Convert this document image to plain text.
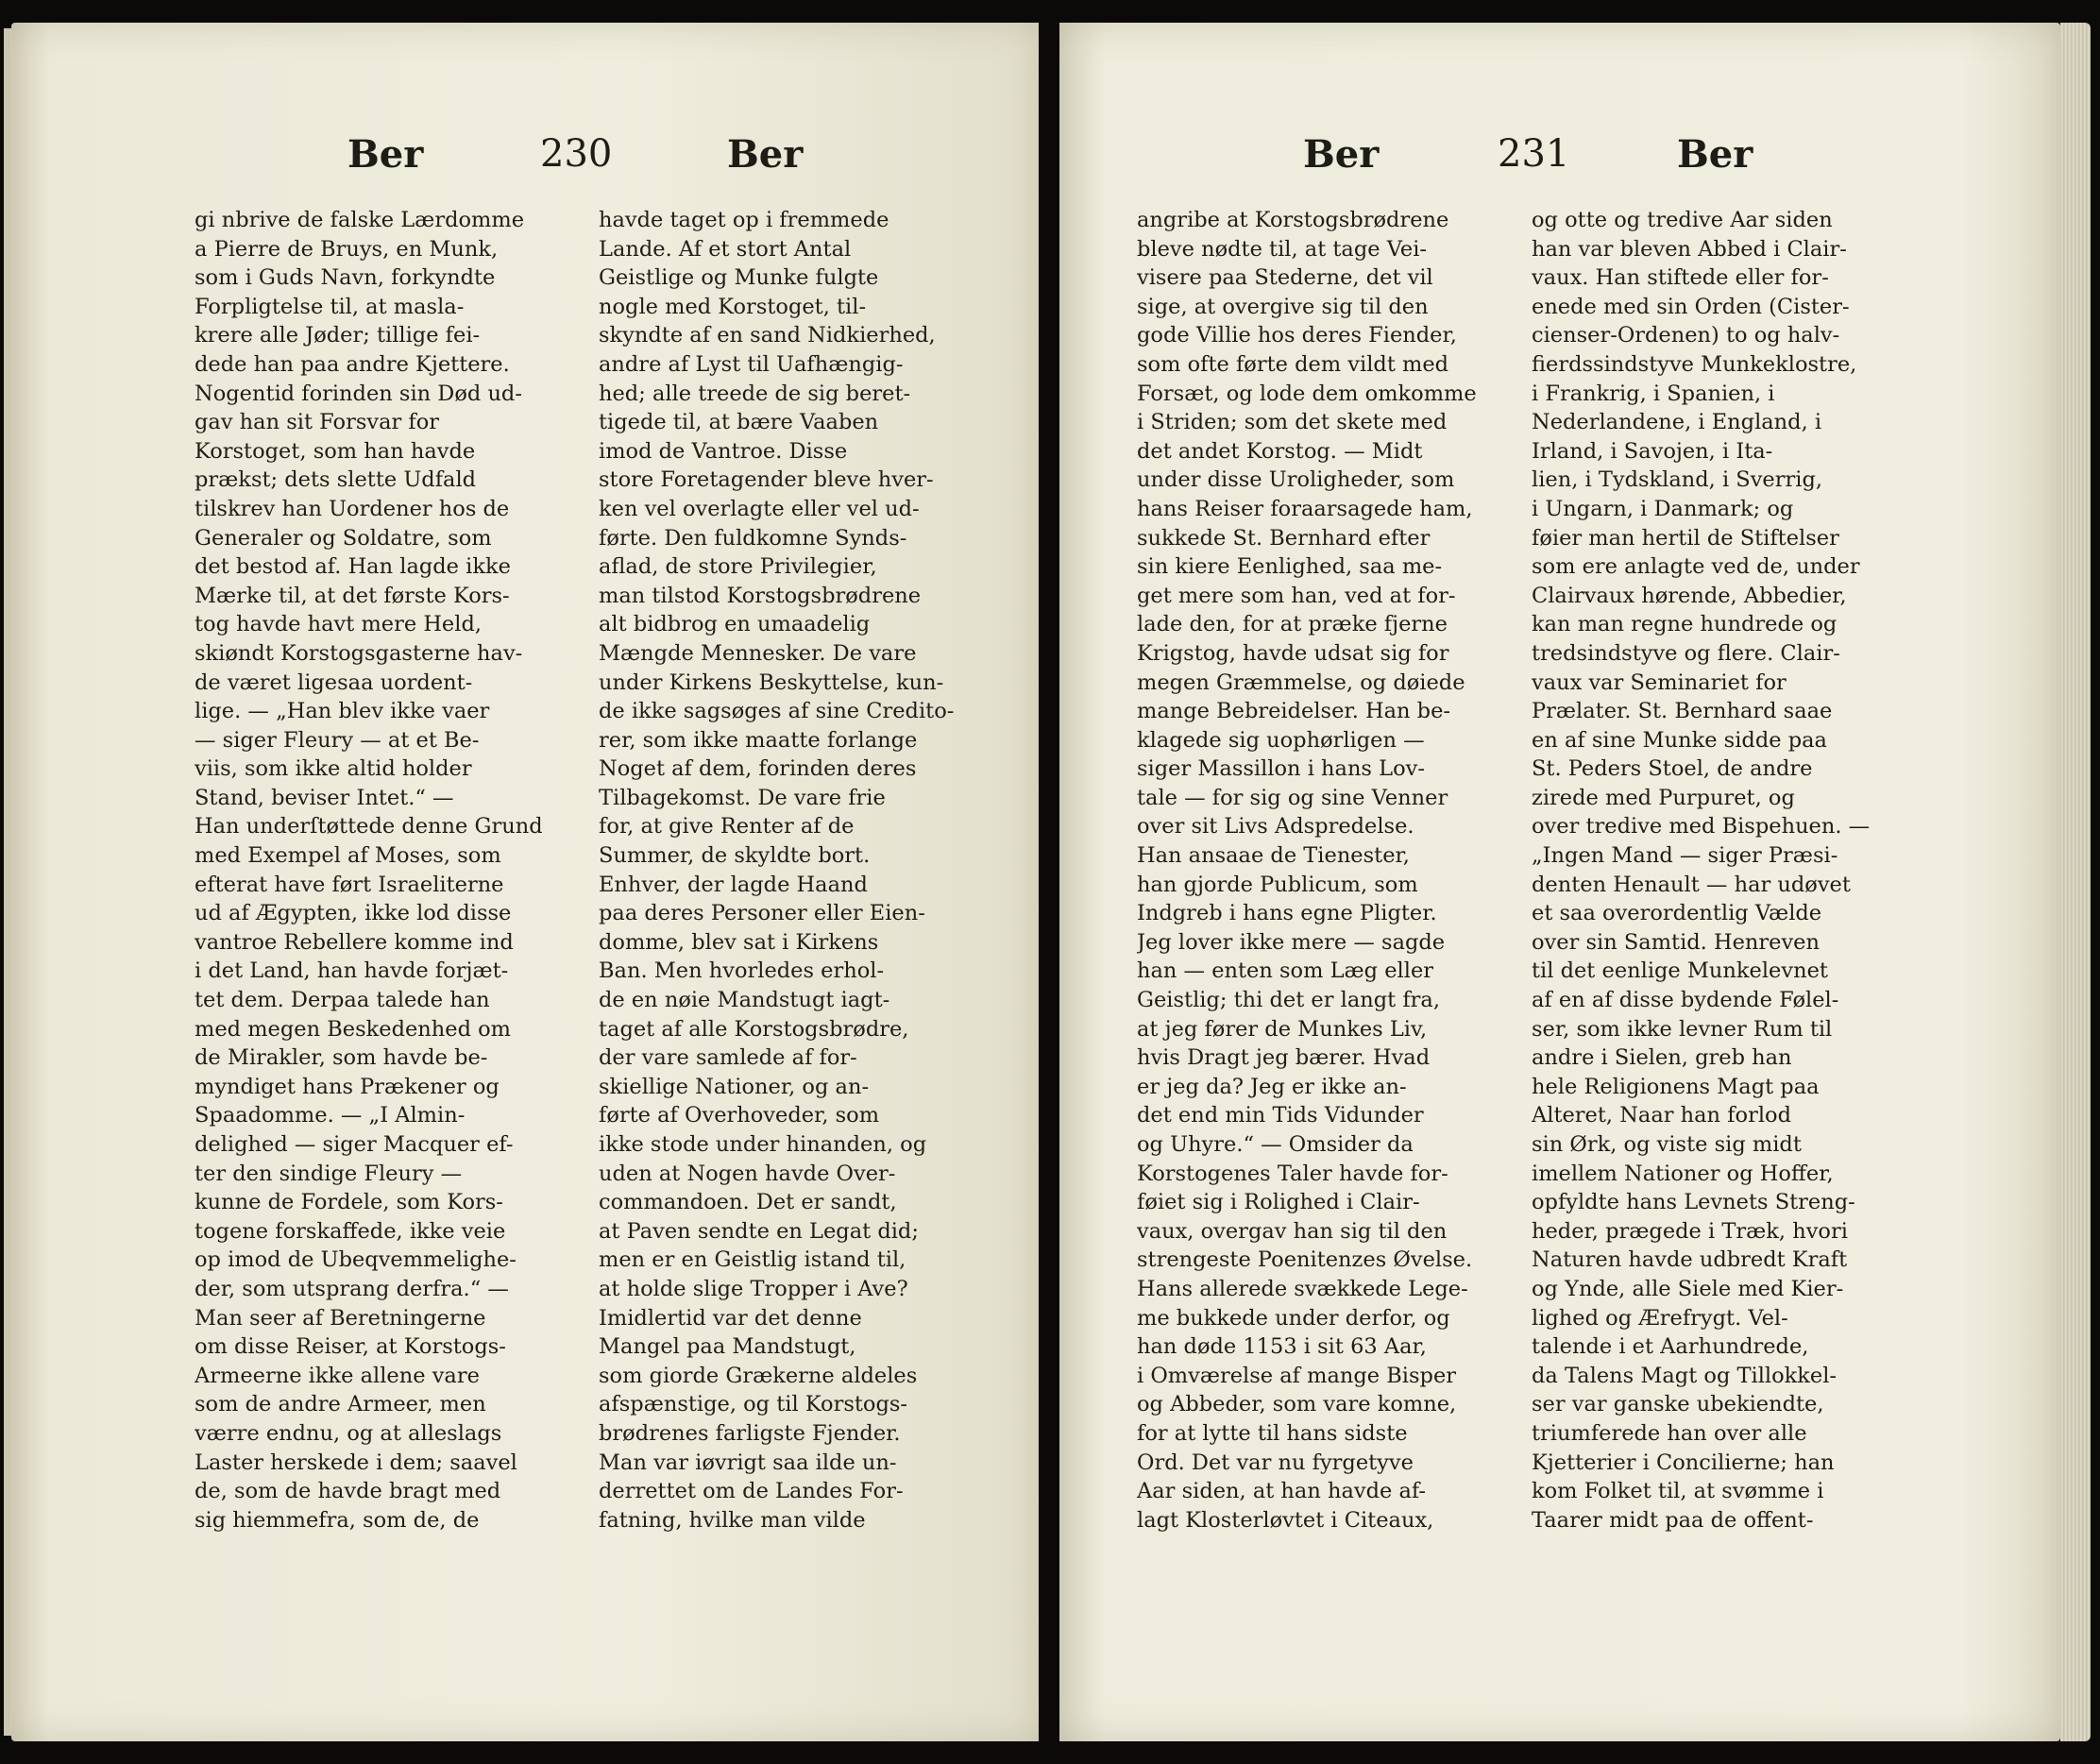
Ber	230	Ber	Ber	231	Ber
gi nbrive de falske Lærdomme
a Pierre de Bruys, en Munk,
som i Guds Navn, forkyndte
Forpligtelse til, at masla-
krere alle Jøder; tillige fei-
dede han paa andre Kjettere.
Nogentid forinden sin Død ud-
gav han sit Forsvar for
Korstoget, som han havde
prækst; dets slette Udfald
tilskrev han Uordener hos de
Generaler og Soldatre, som
det bestod af. Han lagde ikke
Mærke til, at det første Kors-
tog havde havt mere Held,
skiøndt Korstogsgasterne hav-
de været ligesaa uordent-
lige. — „Han blev ikke vaer
— siger Fleury — at et Be-
viis, som ikke altid holder
Stand, beviser Intet.“ —
Han underſtøttede denne Grund
med Exempel af Moses, som
efterat have ført Israeliterne
ud af Ægypten, ikke lod disse
vantroe Rebellere komme ind
i det Land, han havde forjæt-
tet dem. Derpaa talede han
med megen Beskedenhed om
de Mirakler, som havde be-
myndiget hans Prækener og
Spaadomme. — „I Almin-
delighed — siger Macquer ef-
ter den sindige Fleury —
kunne de Fordele, som Kors-
togene forskaffede, ikke veie
op imod de Ubeqvemmelighe-
der, som utsprang derfra.“ —
Man seer af Beretningerne
om disse Reiser, at Korstogs-
Armeerne ikke allene vare
som de andre Armeer, men
værre endnu, og at alleslags
Laster herskede i dem; saavel
de, som de havde bragt med
sig hiemmefra, som de, de
havde taget op i fremmede
Lande. Af et stort Antal
Geistlige og Munke fulgte
nogle med Korstoget, til-
skyndte af en sand Nidkierhed,
andre af Lyst til Uafhængig-
hed; alle treede de sig beret-
tigede til, at bære Vaaben
imod de Vantroe. Disse
store Foretagender bleve hver-
ken vel overlagte eller vel ud-
førte. Den fuldkomne Synds-
aflad, de store Privilegier,
man tilstod Korstogsbrødrene
alt bidbrog en umaadelig
Mængde Mennesker. De vare
under Kirkens Beskyttelse, kun-
de ikke sagsøges af sine Credito-
rer, som ikke maatte forlange
Noget af dem, forinden deres
Tilbagekomst. De vare frie
for, at give Renter af de
Summer, de skyldte bort.
Enhver, der lagde Haand
paa deres Personer eller Eien-
domme, blev sat i Kirkens
Ban. Men hvorledes erhol-
de en nøie Mandstugt iagt-
taget af alle Korstogsbrødre,
der vare samlede af for-
skiellige Nationer, og an-
førte af Overhoveder, som
ikke stode under hinanden, og
uden at Nogen havde Over-
commandoen. Det er sandt,
at Paven sendte en Legat did;
men er en Geistlig istand til,
at holde slige Tropper i Ave?
Imidlertid var det denne
Mangel paa Mandstugt,
som giorde Grækerne aldeles
afspænstige, og til Korstogs-
brødrenes farligste Fjender.
Man var iøvrigt saa ilde un-
derrettet om de Landes For-
fatning, hvilke man vilde
angribe at Korstogsbrødrene
bleve nødte til, at tage Vei-
visere paa Stederne, det vil
sige, at overgive sig til den
gode Villie hos deres Fiender,
som ofte førte dem vildt med
Forsæt, og lode dem omkomme
i Striden; som det skete med
det andet Korstog. — Midt
under disse Uroligheder, som
hans Reiser foraarsagede ham,
sukkede St. Bernhard efter
sin kiere Eenlighed, saa me-
get mere som han, ved at for-
lade den, for at præke fjerne
Krigstog, havde udsat sig for
megen Græmmelse, og døiede
mange Bebreidelser. Han be-
klagede sig uophørligen —
siger Massillon i hans Lov-
tale — for sig og sine Venner
over sit Livs Adspredelse.
Han ansaae de Tienester,
han gjorde Publicum, som
Indgreb i hans egne Pligter.
Jeg lover ikke mere — sagde
han — enten som Læg eller
Geistlig; thi det er langt fra,
at jeg fører de Munkes Liv,
hvis Dragt jeg bærer. Hvad
er jeg da? Jeg er ikke an-
det end min Tids Vidunder
og Uhyre.“ — Omsider da
Korstogenes Taler havde for-
føiet sig i Rolighed i Clair-
vaux, overgav han sig til den
strengeste Poenitenzes Øvelse.
Hans allerede svækkede Lege-
me bukkede under derfor, og
han døde 1153 i sit 63 Aar,
i Omværelse af mange Bisper
og Abbeder, som vare komne,
for at lytte til hans sidste
Ord. Det var nu fyrgetyve
Aar siden, at han havde af-
lagt Klosterløvtet i Citeaux,
og otte og tredive Aar siden
han var bleven Abbed i Clair-
vaux. Han stiftede eller for-
enede med sin Orden (Cister-
cienser-Ordenen) to og halv-
fierdssindstyve Munkeklostre,
i Frankrig, i Spanien, i
Nederlandene, i England, i
Irland, i Savojen, i Ita-
lien, i Tydskland, i Sverrig,
i Ungarn, i Danmark; og
føier man hertil de Stiftelser
som ere anlagte ved de, under
Clairvaux hørende, Abbedier,
kan man regne hundrede og
tredsindstyve og flere. Clair-
vaux var Seminariet for
Prælater. St. Bernhard saae
en af sine Munke sidde paa
St. Peders Stoel, de andre
zirede med Purpuret, og
over tredive med Bispehuen. —
„Ingen Mand — siger Præsi-
denten Henault — har udøvet
et saa overordentlig Vælde
over sin Samtid. Henreven
til det eenlige Munkelevnet
af en af disse bydende Følel-
ser, som ikke levner Rum til
andre i Sielen, greb han
hele Religionens Magt paa
Alteret, Naar han forlod
sin Ørk, og viste sig midt
imellem Nationer og Hoffer,
opfyldte hans Levnets Streng-
heder, prægede i Træk, hvori
Naturen havde udbredt Kraft
og Ynde, alle Siele med Kier-
lighed og Ærefrygt. Vel-
talende i et Aarhundrede,
da Talens Magt og Tillokkel-
ser var ganske ubekiendte,
triumferede han over alle
Kjetterier i Concilierne; han
kom Folket til, at svømme i
Taarer midt paa de offent-
